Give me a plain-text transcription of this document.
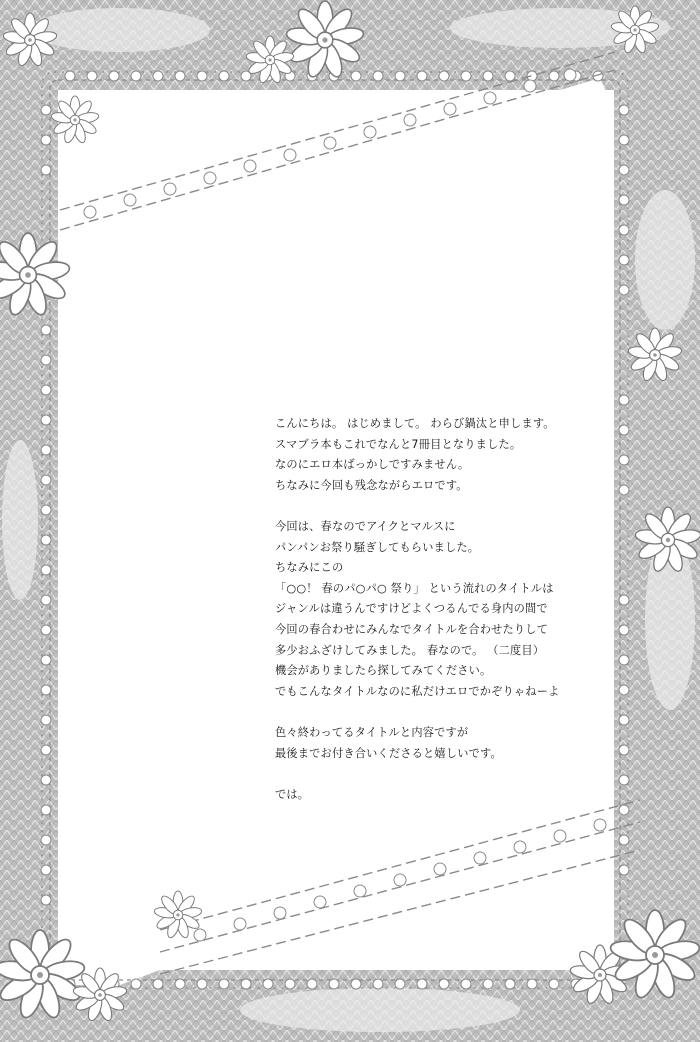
こんにちは。 はじめまして。 わらび鍋汰と申します。
スマブラ本もこれでなんと7冊目となりました。
なのにエロ本ばっかしですみません。
ちなみに今回も残念ながらエロです。
今回は、春なのでアイクとマルスに
パンパンお祭り騒ぎしてもらいました。
ちなみにこの
「○○！ 春のパ○パ○ 祭り」 という流れのタイトルは
ジャンルは違うんですけどよくつるんでる身内の間で
今回の春合わせにみんなでタイトルを合わせたりして
多少おふざけしてみました。 春なので。 （二度目）
機会がありましたら探してみてください。
でもこんなタイトルなのに私だけエロでかぞりゃねーよ
色々終わってるタイトルと内容ですが
最後までお付き合いくださると嬉しいです。
では。
